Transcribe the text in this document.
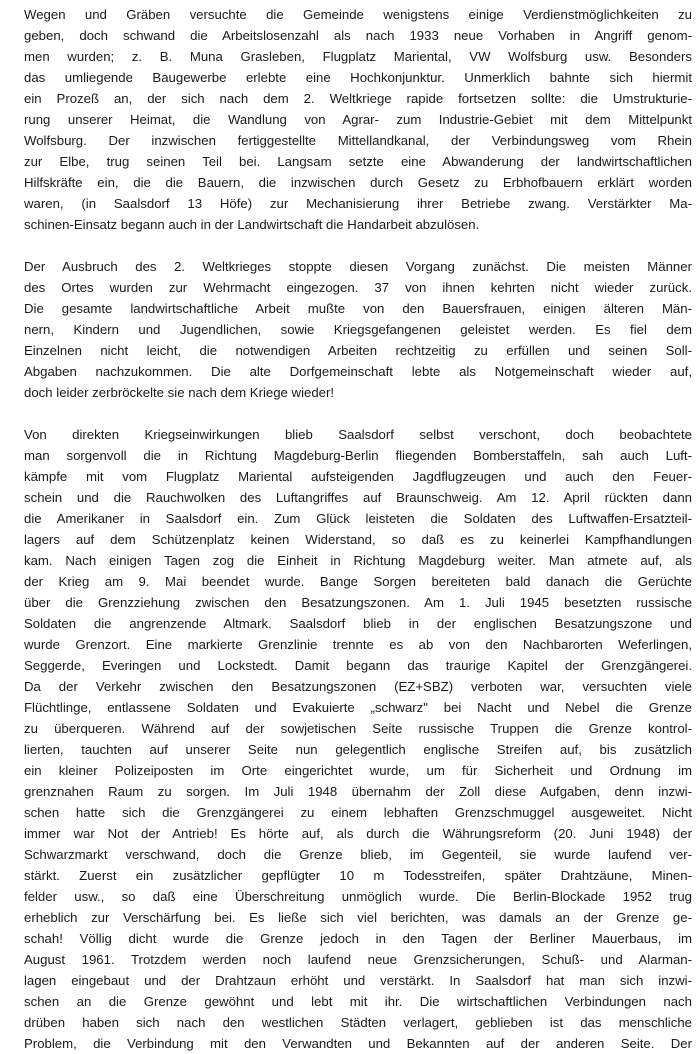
Wegen und Gräben versuchte die Gemeinde wenigstens einige Verdienstmöglichkeiten zu
geben, doch schwand die Arbeitslosenzahl als nach 1933 neue Vorhaben in Angriff genom-
men wurden; z. B. Muna Grasleben, Flugplatz Mariental, VW Wolfsburg usw. Besonders
das umliegende Baugewerbe erlebte eine Hochkonjunktur. Unmerklich bahnte sich hiermit
ein Prozeß an, der sich nach dem 2. Weltkriege rapide fortsetzen sollte: die Umstrukturie-
rung unserer Heimat, die Wandlung von Agrar- zum Industrie-Gebiet mit dem Mittelpunkt
Wolfsburg. Der inzwischen fertiggestellte Mittellandkanal, der Verbindungsweg vom Rhein
zur Elbe, trug seinen Teil bei. Langsam setzte eine Abwanderung der landwirtschaftlichen
Hilfskräfte ein, die die Bauern, die inzwischen durch Gesetz zu Erbhofbauern erklärt worden
waren, (in Saalsdorf 13 Höfe) zur Mechanisierung ihrer Betriebe zwang. Verstärkter Ma-
schinen-Einsatz begann auch in der Landwirtschaft die Handarbeit abzulösen.
Der Ausbruch des 2. Weltkrieges stoppte diesen Vorgang zunächst. Die meisten Männer
des Ortes wurden zur Wehrmacht eingezogen. 37 von ihnen kehrten nicht wieder zurück.
Die gesamte landwirtschaftliche Arbeit mußte von den Bauersfrauen, einigen älteren Män-
nern, Kindern und Jugendlichen, sowie Kriegsgefangenen geleistet werden. Es fiel dem
Einzelnen nicht leicht, die notwendigen Arbeiten rechtzeitig zu erfüllen und seinen Soll-
Abgaben nachzukommen. Die alte Dorfgemeinschaft lebte als Notgemeinschaft wieder auf,
doch leider zerbröckelte sie nach dem Kriege wieder!
Von direkten Kriegseinwirkungen blieb Saalsdorf selbst verschont, doch beobachtete
man sorgenvoll die in Richtung Magdeburg-Berlin fliegenden Bomberstaffeln, sah auch Luft-
kämpfe mit vom Flugplatz Mariental aufsteigenden Jagdflugzeugen und auch den Feuer-
schein und die Rauchwolken des Luftangriffes auf Braunschweig. Am 12. April rückten dann
die Amerikaner in Saalsdorf ein. Zum Glück leisteten die Soldaten des Luftwaffen-Ersatzteil-
lagers auf dem Schützenplatz keinen Widerstand, so daß es zu keinerlei Kampfhandlungen
kam. Nach einigen Tagen zog die Einheit in Richtung Magdeburg weiter. Man atmete auf, als
der Krieg am 9. Mai beendet wurde. Bange Sorgen bereiteten bald danach die Gerüchte
über die Grenzziehung zwischen den Besatzungszonen. Am 1. Juli 1945 besetzten russische
Soldaten die angrenzende Altmark. Saalsdorf blieb in der englischen Besatzungszone und
wurde Grenzort. Eine markierte Grenzlinie trennte es ab von den Nachbarorten Weferlingen,
Seggerde, Everingen und Lockstedt. Damit begann das traurige Kapitel der Grenzgängerei.
Da der Verkehr zwischen den Besatzungszonen (EZ+SBZ) verboten war, versuchten viele
Flüchtlinge, entlassene Soldaten und Evakuierte „schwarz" bei Nacht und Nebel die Grenze
zu überqueren. Während auf der sowjetischen Seite russische Truppen die Grenze kontrol-
lierten, tauchten auf unserer Seite nun gelegentlich englische Streifen auf, bis zusätzlich
ein kleiner Polizeiposten im Orte eingerichtet wurde, um für Sicherheit und Ordnung im
grenznahen Raum zu sorgen. Im Juli 1948 übernahm der Zoll diese Aufgaben, denn inzwi-
schen hatte sich die Grenzgängerei zu einem lebhaften Grenzschmuggel ausgeweitet. Nicht
immer war Not der Antrieb! Es hörte auf, als durch die Währungsreform (20. Juni 1948) der
Schwarzmarkt verschwand, doch die Grenze blieb, im Gegenteil, sie wurde laufend ver-
stärkt. Zuerst ein zusätzlicher gepflügter 10 m Todesstreifen, später Drahtzäune, Minen-
felder usw., so daß eine Überschreitung unmöglich wurde. Die Berlin-Blockade 1952 trug
erheblich zur Verschärfung bei. Es ließe sich viel berichten, was damals an der Grenze ge-
schah! Völlig dicht wurde die Grenze jedoch in den Tagen der Berliner Mauerbaus, im
August 1961. Trotzdem werden noch laufend neue Grenzsicherungen, Schuß- und Alarman-
lagen eingebaut und der Drahtzaun erhöht und verstärkt. In Saalsdorf hat man sich inzwi-
schen an die Grenze gewöhnt und lebt mit ihr. Die wirtschaftlichen Verbindungen nach
drüben haben sich nach den westlichen Städten verlagert, geblieben ist das menschliche
Problem, die Verbindung mit den Verwandten und Bekannten auf der anderen Seite. Der
